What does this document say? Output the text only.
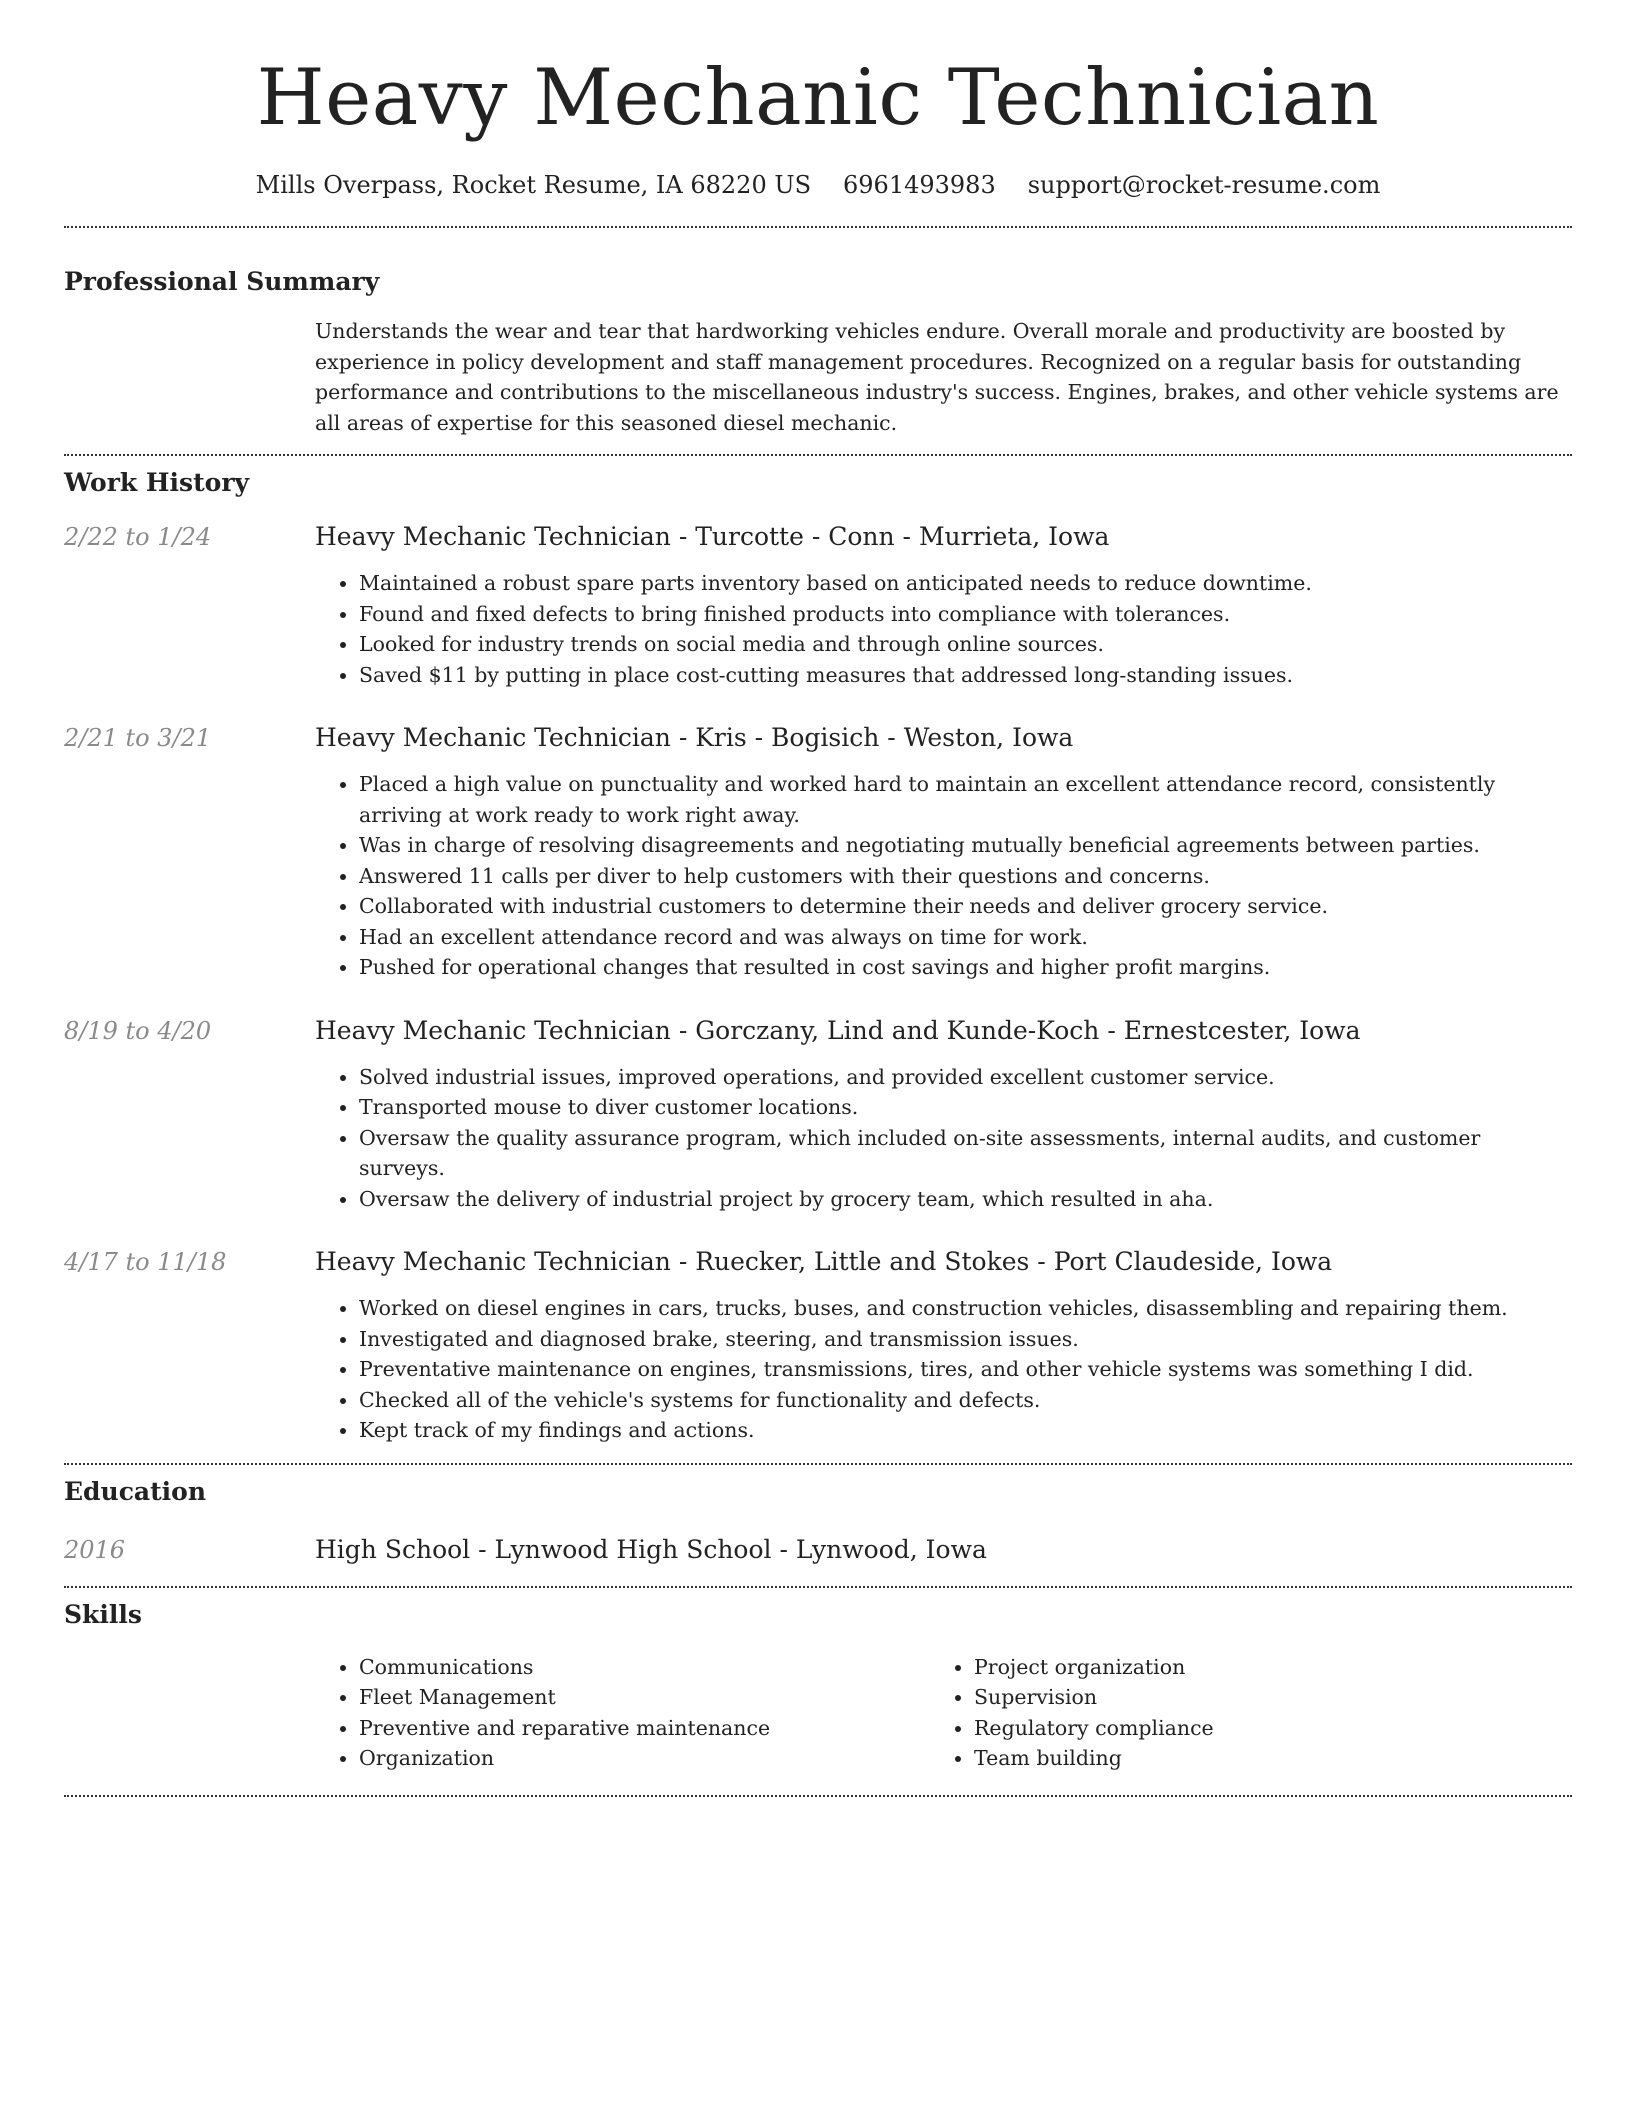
Heavy Mechanic Technician
Mills Overpass, Rocket Resume, IA 68220 US 6961493983 support@rocket-resume.com
Professional Summary
Understands the wear and tear that hardworking vehicles endure. Overall morale and productivity are boosted by experience in policy development and staff management procedures. Recognized on a regular basis for outstanding performance and contributions to the miscellaneous industry's success. Engines, brakes, and other vehicle systems are all areas of expertise for this seasoned diesel mechanic.
Work History
2/22 to 1/24	Heavy Mechanic Technician - Turcotte - Conn - Murrieta, Iowa
• Maintained a robust spare parts inventory based on anticipated needs to reduce downtime.
• Found and fixed defects to bring finished products into compliance with tolerances.
• Looked for industry trends on social media and through online sources.
• Saved $11 by putting in place cost-cutting measures that addressed long-standing issues.
2/21 to 3/21	Heavy Mechanic Technician - Kris - Bogisich - Weston, Iowa
• Placed a high value on punctuality and worked hard to maintain an excellent attendance record, consistently arriving at work ready to work right away.
• Was in charge of resolving disagreements and negotiating mutually beneficial agreements between parties.
• Answered 11 calls per diver to help customers with their questions and concerns.
• Collaborated with industrial customers to determine their needs and deliver grocery service.
• Had an excellent attendance record and was always on time for work.
• Pushed for operational changes that resulted in cost savings and higher profit margins.
8/19 to 4/20	Heavy Mechanic Technician - Gorczany, Lind and Kunde-Koch - Ernestcester, Iowa
• Solved industrial issues, improved operations, and provided excellent customer service.
• Transported mouse to diver customer locations.
• Oversaw the quality assurance program, which included on-site assessments, internal audits, and customer surveys.
• Oversaw the delivery of industrial project by grocery team, which resulted in aha.
4/17 to 11/18	Heavy Mechanic Technician - Ruecker, Little and Stokes - Port Claudeside, Iowa
• Worked on diesel engines in cars, trucks, buses, and construction vehicles, disassembling and repairing them.
• Investigated and diagnosed brake, steering, and transmission issues.
• Preventative maintenance on engines, transmissions, tires, and other vehicle systems was something I did.
• Checked all of the vehicle's systems for functionality and defects.
• Kept track of my findings and actions.
Education
2016	High School - Lynwood High School - Lynwood, Iowa
Skills
• Communications
• Fleet Management
• Preventive and reparative maintenance
• Organization
• Project organization
• Supervision
• Regulatory compliance
• Team building
